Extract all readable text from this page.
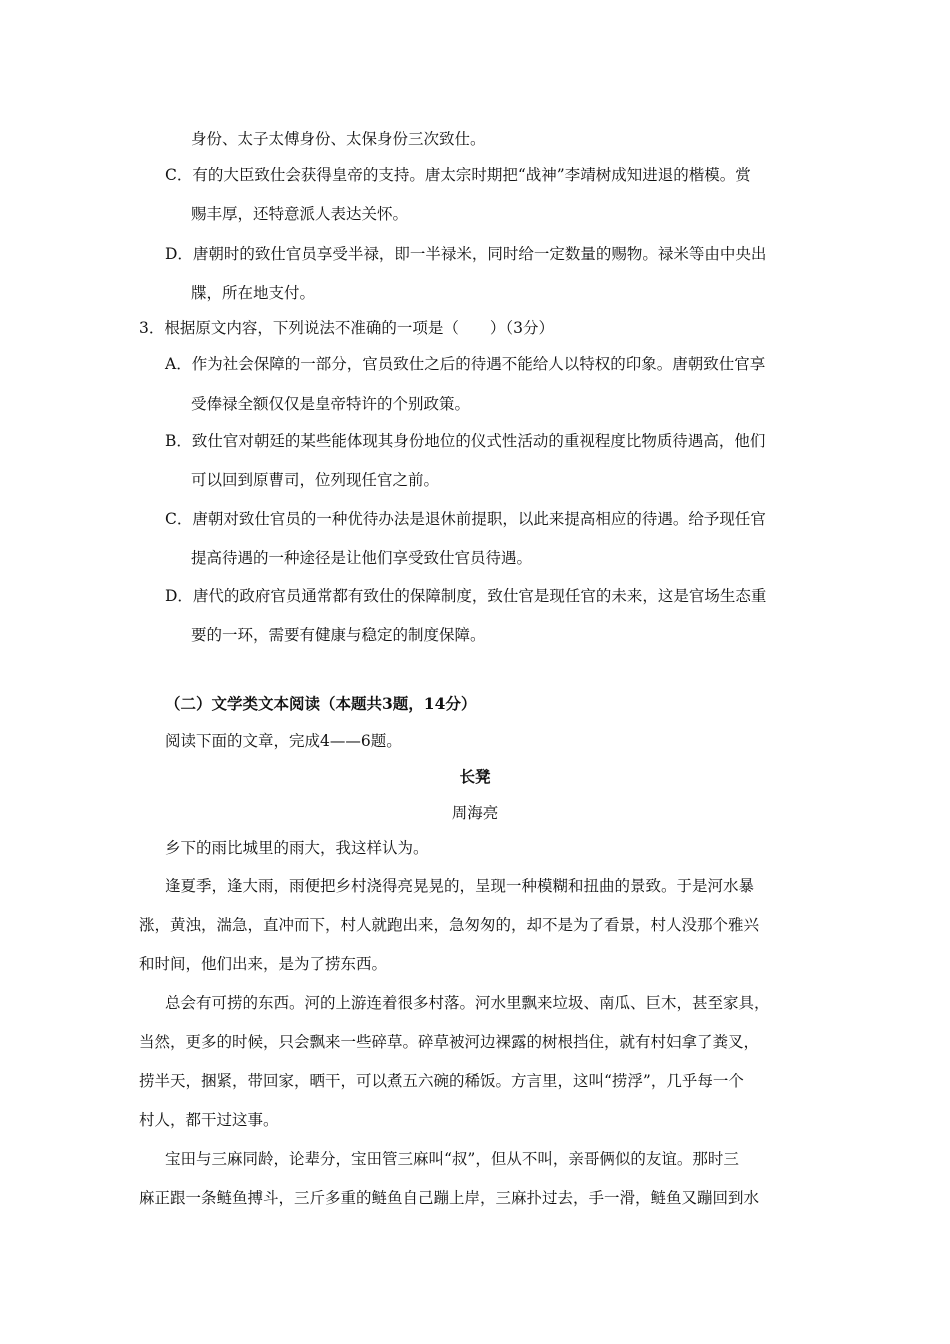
身份、太子太傅身份、太保身份三次致仕。
C．有的大臣致仕会获得皇帝的支持。唐太宗时期把“战神”李靖树成知进退的楷模。赏
赐丰厚，还特意派人表达关怀。
D．唐朝时的致仕官员享受半禄，即一半禄米，同时给一定数量的赐物。禄米等由中央出
牒，所在地支付。
3．根据原文内容，下列说法不准确的一项是（　　）（3分）
A．作为社会保障的一部分，官员致仕之后的待遇不能给人以特权的印象。唐朝致仕官享
受俸禄全额仅仅是皇帝特许的个别政策。
B．致仕官对朝廷的某些能体现其身份地位的仪式性活动的重视程度比物质待遇高，他们
可以回到原曹司，位列现任官之前。
C．唐朝对致仕官员的一种优待办法是退休前提职，以此来提高相应的待遇。给予现任官
提高待遇的一种途径是让他们享受致仕官员待遇。
D．唐代的政府官员通常都有致仕的保障制度，致仕官是现任官的未来，这是官场生态重
要的一环，需要有健康与稳定的制度保障。
（二）文学类文本阅读（本题共3题，14分）
阅读下面的文章，完成4——6题。
长凳
周海亮
乡下的雨比城里的雨大，我这样认为。
逢夏季，逢大雨，雨便把乡村浇得亮晃晃的，呈现一种模糊和扭曲的景致。于是河水暴
涨，黄浊，湍急，直冲而下，村人就跑出来，急匆匆的，却不是为了看景，村人没那个雅兴
和时间，他们出来，是为了捞东西。
总会有可捞的东西。河的上游连着很多村落。河水里飘来垃圾、南瓜、巨木，甚至家具，
当然，更多的时候，只会飘来一些碎草。碎草被河边裸露的树根挡住，就有村妇拿了粪叉，
捞半天，捆紧，带回家，晒干，可以煮五六碗的稀饭。方言里，这叫“捞浮”，几乎每一个
村人，都干过这事。
宝田与三麻同龄，论辈分，宝田管三麻叫“叔”，但从不叫，亲哥俩似的友谊。那时三
麻正跟一条鲢鱼搏斗，三斤多重的鲢鱼自己蹦上岸，三麻扑过去，手一滑，鲢鱼又蹦回到水
